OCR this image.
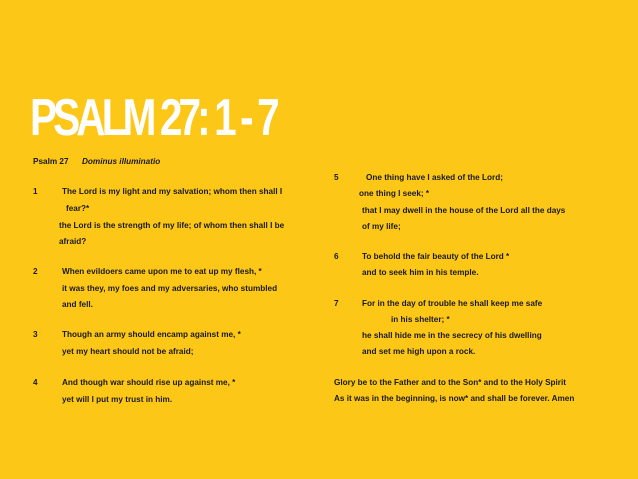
PSALM 27: 1 - 7
Psalm 27 Dominus illuminatio
1	The Lord is my light and my salvation; whom then shall I
fear?*
the Lord is the strength of my life; of whom then shall I be
afraid?
2	When evildoers came upon me to eat up my flesh, *
it was they, my foes and my adversaries, who stumbled
and fell.
3	Though an army should encamp against me, *
yet my heart should not be afraid;
4	And though war should rise up against me, *
yet will I put my trust in him.
5	One thing have I asked of the Lord;
one thing I seek; *
that I may dwell in the house of the Lord all the days
of my life;
6	To behold the fair beauty of the Lord *
and to seek him in his temple.
7	For in the day of trouble he shall keep me safe
in his shelter; *
he shall hide me in the secrecy of his dwelling
and set me high upon a rock.
Glory be to the Father and to the Son* and to the Holy Spirit
As it was in the beginning, is now* and shall be forever. Amen
